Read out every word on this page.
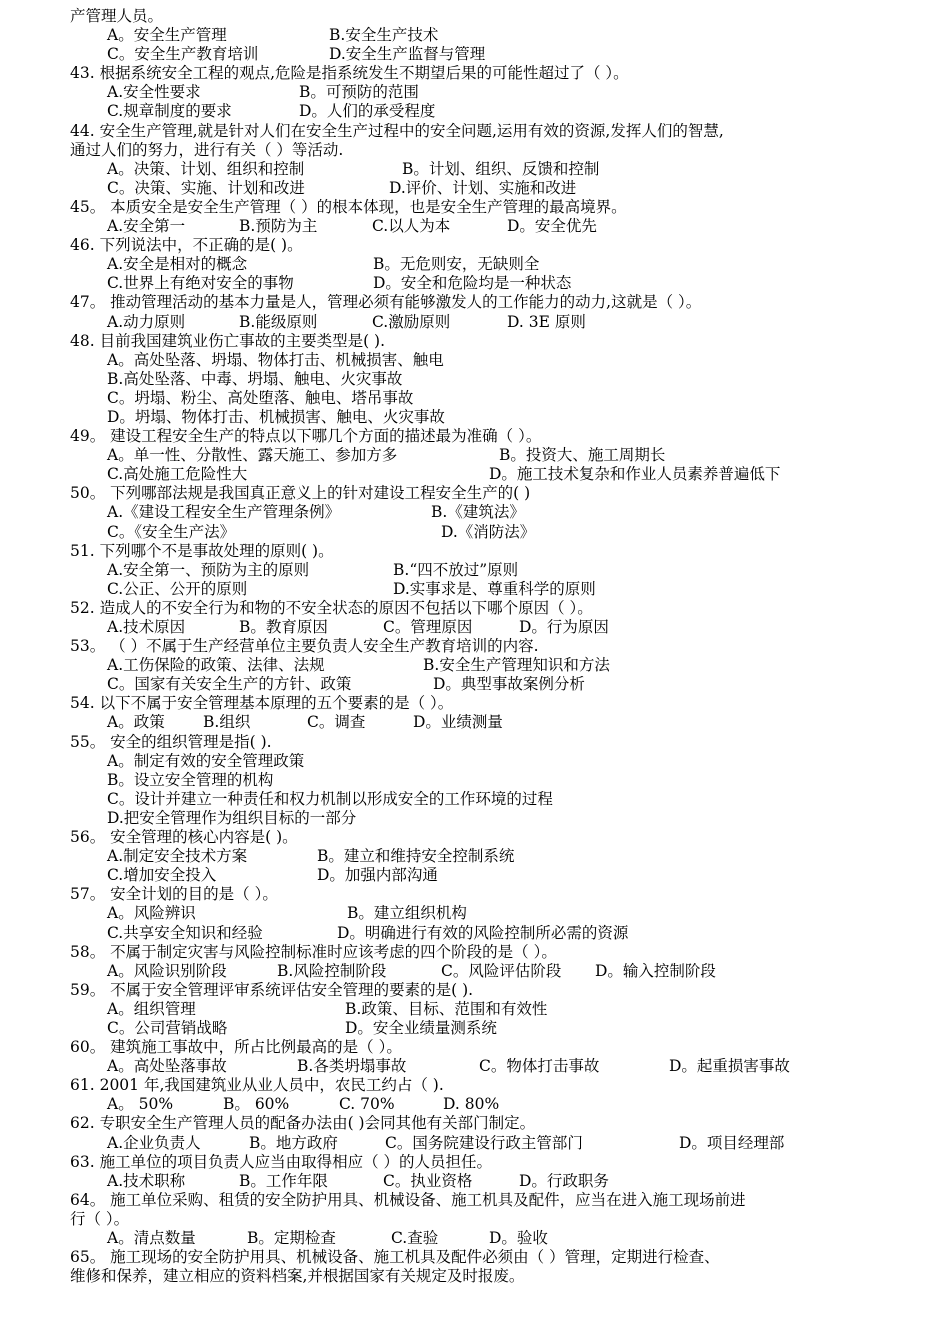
产管理人员。
A。安全生产管理	B.安全生产技术
C。安全生产教育培训	D.安全生产监督与管理
43. 根据系统安全工程的观点,危险是指系统发生不期望后果的可能性超过了（ ）。
A.安全性要求	B。可预防的范围
C.规章制度的要求	D。人们的承受程度
44. 安全生产管理,就是针对人们在安全生产过程中的安全问题,运用有效的资源,发挥人们的智慧,
通过人们的努力，进行有关（ ）等活动.
A。决策、计划、组织和控制	B。计划、组织、反馈和控制
C。决策、实施、计划和改进	D.评价、计划、实施和改进
45。 本质安全是安全生产管理（ ）的根本体现，也是安全生产管理的最高境界。
A.安全第一	B.预防为主	C.以人为本	D。安全优先
46. 下列说法中，不正确的是( )。
A.安全是相对的概念	B。无危则安，无缺则全
C.世界上有绝对安全的事物	D。安全和危险均是一种状态
47。 推动管理活动的基本力量是人，管理必须有能够激发人的工作能力的动力,这就是（ ）。
A.动力原则	B.能级原则	C.激励原则	D. 3E 原则
48. 目前我国建筑业伤亡事故的主要类型是( ).
A。高处坠落、坍塌、物体打击、机械损害、触电
B.高处坠落、中毒、坍塌、触电、火灾事故
C。坍塌、粉尘、高处堕落、触电、塔吊事故
D。坍塌、物体打击、机械损害、触电、火灾事故
49。 建设工程安全生产的特点以下哪几个方面的描述最为准确（ ）。
A。单一性、分散性、露天施工、参加方多	B。投资大、施工周期长
C.高处施工危险性大	D。施工技术复杂和作业人员素养普遍低下
50。 下列哪部法规是我国真正意义上的针对建设工程安全生产的( )
A.《建设工程安全生产管理条例》	B.《建筑法》
C。《安全生产法》	D.《消防法》
51. 下列哪个不是事故处理的原则( )。
A.安全第一、预防为主的原则	B.“四不放过”原则
C.公正、公开的原则	D.实事求是、尊重科学的原则
52. 造成人的不安全行为和物的不安全状态的原因不包括以下哪个原因（ ）。
A.技术原因	B。教育原因	C。管理原因	D。行为原因
53。 （ ）不属于生产经营单位主要负责人安全生产教育培训的内容.
A.工伤保险的政策、法律、法规	B.安全生产管理知识和方法
C。国家有关安全生产的方针、政策	D。典型事故案例分析
54. 以下不属于安全管理基本原理的五个要素的是（ ）。
A。政策 B.组织	C。调查	D。业绩测量
55。 安全的组织管理是指( ).
A。制定有效的安全管理政策
B。设立安全管理的机构
C。设计并建立一种责任和权力机制以形成安全的工作环境的过程
D.把安全管理作为组织目标的一部分
56。 安全管理的核心内容是( )。
A.制定安全技术方案	B。建立和维持安全控制系统
C.增加安全投入	D。加强内部沟通
57。 安全计划的目的是（ ）。
A。风险辨识	B。建立组织机构
C.共享安全知识和经验	D。明确进行有效的风险控制所必需的资源
58。 不属于制定灾害与风险控制标准时应该考虑的四个阶段的是（ ）。
A。风险识别阶段	B.风险控制阶段	C。风险评估阶段 D。输入控制阶段
59。 不属于安全管理评审系统评估安全管理的要素的是( ).
A。组织管理	B.政策、目标、范围和有效性
C。公司营销战略	D。安全业绩量测系统
60。 建筑施工事故中，所占比例最高的是（ ）。
A。高处坠落事故	B.各类坍塌事故	C。物体打击事故	D。起重损害事故
61. 2001 年,我国建筑业从业人员中，农民工约占（ ).
A。 50%	B。 60%	C. 70%	D. 80%
62. 专职安全生产管理人员的配备办法由( )会同其他有关部门制定。
A.企业负责人	B。地方政府	C。国务院建设行政主管部门	D。项目经理部
63. 施工单位的项目负责人应当由取得相应（ ）的人员担任。
A.技术职称	B。工作年限	C。执业资格	D。行政职务
64。 施工单位采购、租赁的安全防护用具、机械设备、施工机具及配件，应当在进入施工现场前进
行（ ）。
A。清点数量	B。定期检查	C.查验	D。验收
65。 施工现场的安全防护用具、机械设备、施工机具及配件必须由（ ）管理，定期进行检查、
维修和保养，建立相应的资料档案,并根据国家有关规定及时报废。
